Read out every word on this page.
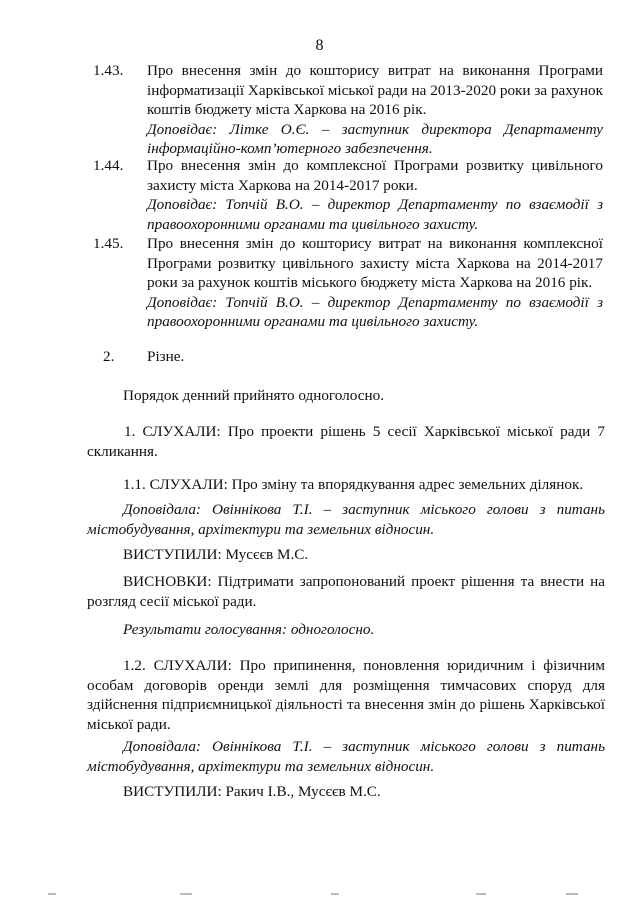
8
1.43. Про внесення змін до кошторису витрат на виконання Програми інформатизації Харківської міської ради на 2013-2020 роки за рахунок коштів бюджету міста Харкова на 2016 рік.
Доповідає: Літке О.Є. – заступник директора Департаменту інформаційно-комп’ютерного забезпечення.
1.44. Про внесення змін до комплексної Програми розвитку цивільного захисту міста Харкова на 2014-2017 роки.
Доповідає: Топчій В.О. – директор Департаменту по взаємодії з правоохоронними органами та цивільного захисту.
1.45. Про внесення змін до кошторису витрат на виконання комплексної Програми розвитку цивільного захисту міста Харкова на 2014-2017 роки за рахунок коштів міського бюджету міста Харкова на 2016 рік.
Доповідає: Топчій В.О. – директор Департаменту по взаємодії з правоохоронними органами та цивільного захисту.
2. Різне.
Порядок денний прийнято одноголосно.
1. СЛУХАЛИ: Про проекти рішень 5 сесії Харківської міської ради 7 скликання.
1.1. СЛУХАЛИ: Про зміну та впорядкування адрес земельних ділянок.
Доповідала: Овіннікова Т.І. – заступник міського голови з питань містобудування, архітектури та земельних відносин.
ВИСТУПИЛИ: Мусєєв М.С.
ВИСНОВКИ: Підтримати запропонований проект рішення та внести на розгляд сесії міської ради.
Результати голосування: одноголосно.
1.2. СЛУХАЛИ: Про припинення, поновлення юридичним і фізичним особам договорів оренди землі для розміщення тимчасових споруд для здійснення підприємницької діяльності та внесення змін до рішень Харківської міської ради.
Доповідала: Овіннікова Т.І. – заступник міського голови з питань містобудування, архітектури та земельних відносин.
ВИСТУПИЛИ: Ракич І.В., Мусєєв М.С.
